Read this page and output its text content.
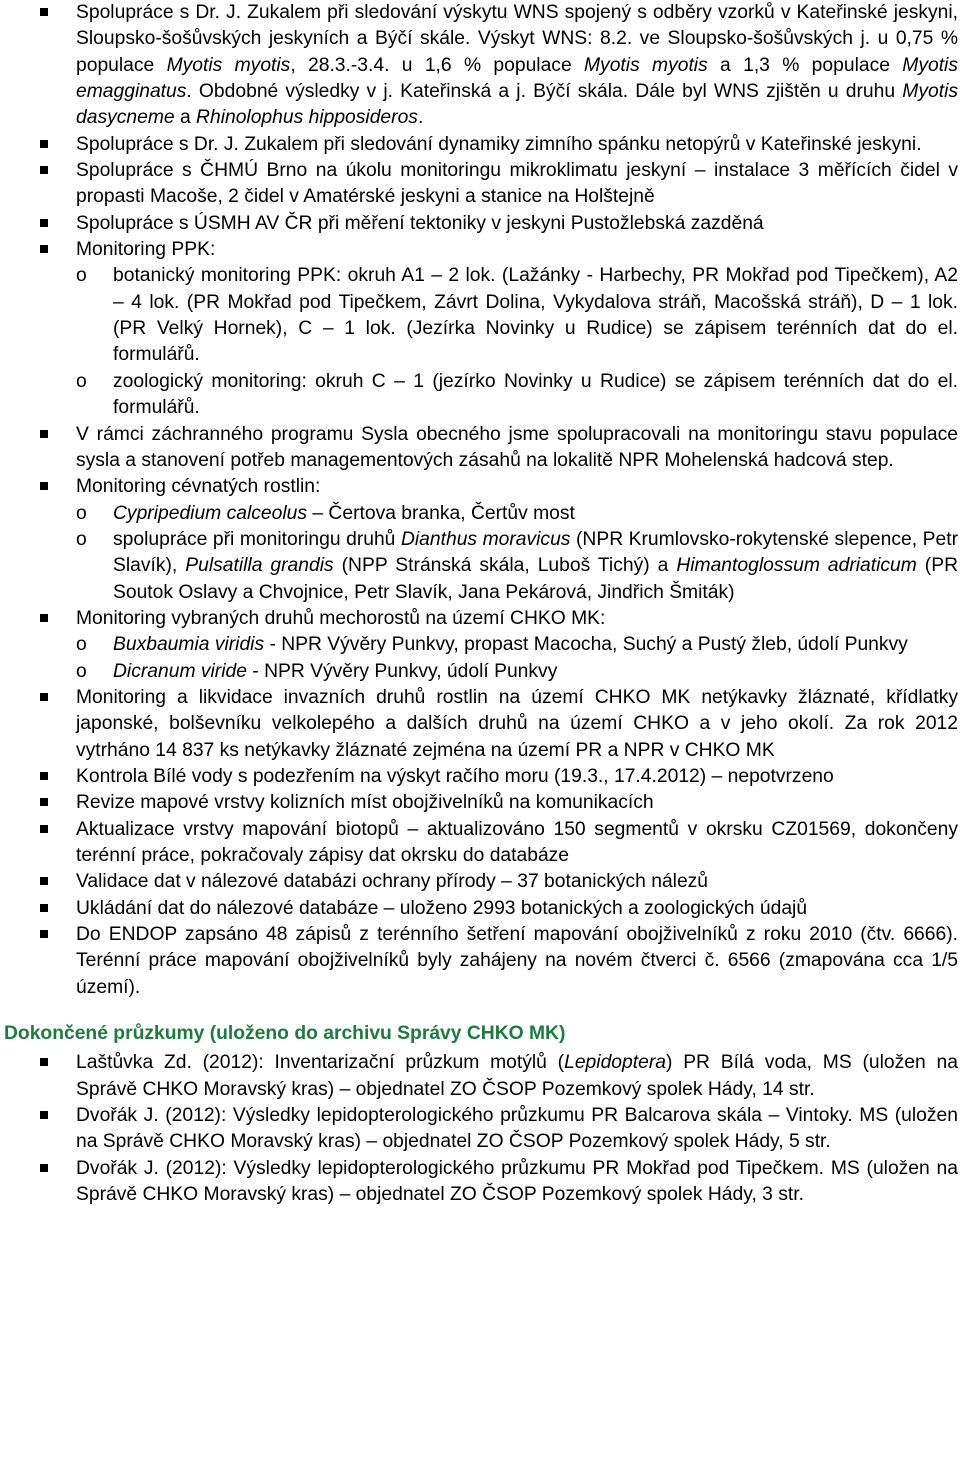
Spolupráce s Dr. J. Zukalem při sledování výskytu WNS spojený s odběry vzorků v Kateřinské jeskyni, Sloupsko-šošůvských jeskyních a Býčí skále. Výskyt WNS: 8.2. ve Sloupsko-šošůvských j. u 0,75 % populace Myotis myotis, 28.3.-3.4. u 1,6 % populace Myotis myotis a 1,3 % populace Myotis emagginatus. Obdobné výsledky v j. Kateřinská a j. Býčí skála. Dále byl WNS zjištěn u druhu Myotis dasycneme a Rhinolophus hipposideros.
Spolupráce s Dr. J. Zukalem při sledování dynamiky zimního spánku netopýrů v Kateřinské jeskyni.
Spolupráce s ČHMÚ Brno na úkolu monitoringu mikroklimatu jeskyní – instalace 3 měřících čidel v propasti Macoše, 2 čidel v Amatérské jeskyni a stanice na Holštejně
Spolupráce s ÚSMH AV ČR při měření tektoniky v jeskyni Pustožlebská zazděná
Monitoring PPK:
o botanický monitoring PPK: okruh A1 – 2 lok. (Lažánky - Harbechy, PR Mokřad pod Tipečkem), A2 – 4 lok. (PR Mokřad pod Tipečkem, Závrt Dolina, Vykydalova stráň, Macošská stráň), D – 1 lok. (PR Velký Hornek), C – 1 lok. (Jezírka Novinky u Rudice) se zápisem terénních dat do el. formulářů.
o zoologický monitoring: okruh C – 1 (jezírko Novinky u Rudice) se zápisem terénních dat do el. formulářů.
V rámci záchranného programu Sysla obecného jsme spolupracovali na monitoringu stavu populace sysla a stanovení potřeb managementových zásahů na lokalitě NPR Mohelenská hadcová step.
Monitoring cévnatých rostlin:
o Cypripedium calceolus – Čertova branka, Čertův most
o spolupráce při monitoringu druhů Dianthus moravicus (NPR Krumlovsko-rokytenské slepence, Petr Slavík), Pulsatilla grandis (NPP Stránská skála, Luboš Tichý) a Himantoglossum adriaticum (PR Soutok Oslavy a Chvojnice, Petr Slavík, Jana Pekárová, Jindřich Šmiták)
Monitoring vybraných druhů mechorostů na území CHKO MK:
o Buxbaumia viridis - NPR Vývěry Punkvy, propast Macocha, Suchý a Pustý žleb, údolí Punkvy
o Dicranum viride - NPR Vývěry Punkvy, údolí Punkvy
Monitoring a likvidace invazních druhů rostlin na území CHKO MK netýkavky žláznaté, křídlatky japonské, bolševníku velkolepého a dalších druhů na území CHKO a v jeho okolí. Za rok 2012 vytrháno 14 837 ks netýkavky žláznaté zejména na území PR a NPR v CHKO MK
Kontrola Bílé vody s podezřením na výskyt račího moru (19.3., 17.4.2012) – nepotvrzeno
Revize mapové vrstvy kolizních míst obojživelníků na komunikacích
Aktualizace vrstvy mapování biotopů – aktualizováno 150 segmentů v okrsku CZ01569, dokončeny terénní práce, pokračovaly zápisy dat okrsku do databáze
Validace dat v nálezové databázi ochrany přírody – 37 botanických nálezů
Ukládání dat do nálezové databáze – uloženo 2993 botanických a zoologických údajů
Do ENDOP zapsáno 48 zápisů z terénního šetření mapování obojživelníků z roku 2010 (čtv. 6666). Terénní práce mapování obojživelníků byly zahájeny na novém čtverci č. 6566 (zmapována cca 1/5 území).
Dokončené průzkumy (uloženo do archivu Správy CHKO MK)
Laštůvka Zd. (2012): Inventarizační průzkum motýlů (Lepidoptera) PR Bílá voda, MS (uložen na Správě CHKO Moravský kras) – objednatel ZO ČSOP Pozemkový spolek Hády, 14 str.
Dvořák J. (2012): Výsledky lepidopterologického průzkumu PR Balcarova skála – Vintoky. MS (uložen na Správě CHKO Moravský kras) – objednatel ZO ČSOP Pozemkový spolek Hády, 5 str.
Dvořák J. (2012): Výsledky lepidopterologického průzkumu PR Mokřad pod Tipečkem. MS (uložen na Správě CHKO Moravský kras) – objednatel ZO ČSOP Pozemkový spolek Hády, 3 str.
